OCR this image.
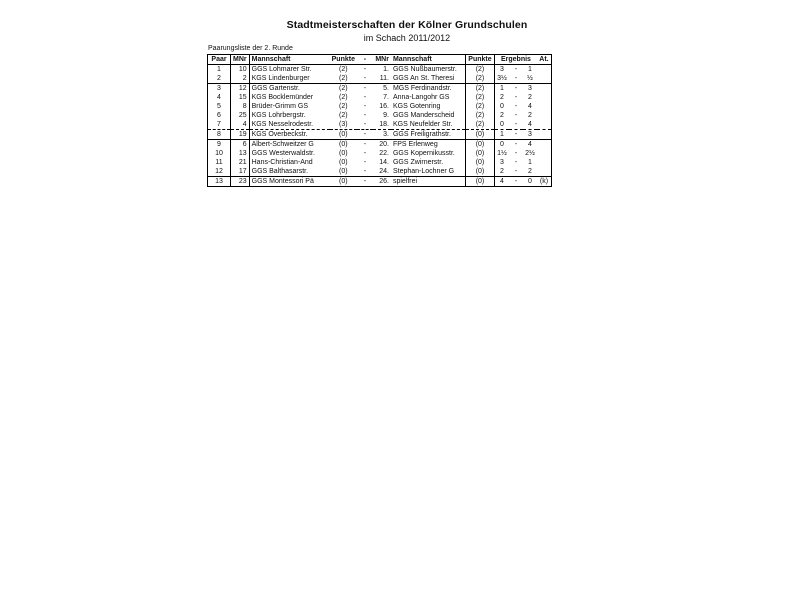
Stadtmeisterschaften der Kölner Grundschulen
im Schach 2011/2012
Paarungsliste der 2. Runde
Paar	MNr	Mannschaft	Punkte	-	MNr	Mannschaft	Punkte	Ergebnis			At.
1	10	GGS Lohmarer Str.	(2)	-	1.	GGS Nußbaumerstr.	(2)	3	-	1	
2	2	KGS Lindenburger	(2)	-	11.	GGS An St. Theresi	(2)	3½	-	½	
3	12	GGS Gartenstr.	(2)	-	5.	MGS Ferdinandstr.	(2)	1	-	3	
4	15	KGS Bocklemünder	(2)	-	7.	Anna-Langohr GS	(2)	2	-	2	
5	8	Brüder-Grimm GS	(2)	-	16.	KGS Gotenring	(2)	0	-	4	
6	25	KGS Lohrbergstr.	(2)	-	9.	GGS Manderscheid	(2)	2	-	2	
7	4	KGS Nesselrodestr.	(3)	-	18.	KGS Neufelder Str.	(2)	0	-	4	
8	19	KGS Overbeckstr.	(0)	-	3.	GGS Freiligrathstr.	(0)	1	-	3	
9	6	Albert-Schweitzer G	(0)	-	20.	FPS Erlenweg	(0)	0	-	4	
10	13	GGS Westerwaldstr.	(0)	-	22.	GGS Kopernikusstr.	(0)	1½	-	2½	
11	21	Hans-Christian-And	(0)	-	14.	GGS Zwirnerstr.	(0)	3	-	1	
12	17	GGS Balthasarstr.	(0)	-	24.	Stephan-Lochner G	(0)	2	-	2	
13	23	GGS Montessori Pä	(0)	-	26.	spielfrei	(0)	4	-	0	(k)
